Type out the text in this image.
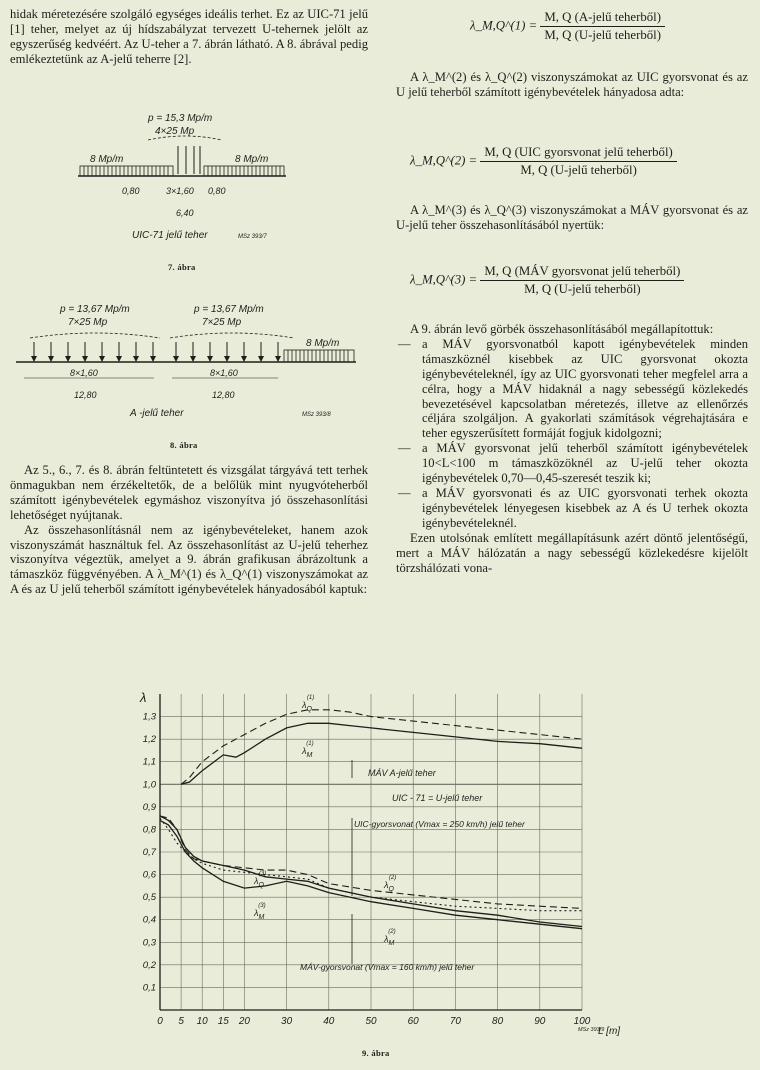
hidak méretezésére szolgáló egységes ideális terhet. Ez az UIC-71 jelű [1] teher, melyet az új hídszabályzat tervezett U-tehernek jelölt az egyszerűség kedvéért. Az U-teher a 7. ábrán látható. A 8. ábrával pedig emlékeztetünk az A-jelű teherre [2].

p = 15,3 Mp/m
4×25 Mp
8 Mp/m	8 Mp/m
0,80	3×1,60 0,80
6,40
UIC-71 jelű teher	MSz 393/7
7. ábra
p = 13,67 Mp/m
7×25 Mp
p = 13,67 Mp/m
7×25 Mp
8 Mp/m
8×1,60	8×1,60
12,80	12,80
A -jelű teher	MSz 393/8
8. ábra

Az 5., 6., 7. és 8. ábrán feltüntetett és vizsgálat tárgyává tett terhek önmagukban nem érzékeltetők, de a belőlük mint nyugvóteherből számított igénybevételek egymáshoz viszonyítva jó összehasonlítási lehetőséget nyújtanak.

Az összehasonlításnál nem az igénybevételeket, hanem azok viszonyszámát használtuk fel. Az összehasonlítást az U-jelű teherhez viszonyítva végeztük, amelyet a 9. ábrán grafikusan ábrázoltunk a támaszköz függvényében. A λ_M^(1) és λ_Q^(1) viszonyszámokat az A és az U jelű teherből számított igénybevételek hányadosából kaptuk:

λ_M,Q^(1) = $\frac{\text{M, Q (A-jelű teherből)}}{\text{M, Q (U-jelű teherből)}}$

A λ_M^(2) és λ_Q^(2) viszonyszámokat az UIC gyorsvonat és az U jelű teherből számított igénybevételek hányadosa adta:

λ_M,Q^(2) = $\frac{\text{M, Q (UIC gyorsvonat jelű teherből)}}{\text{M, Q (U-jelű teherből)}}$

A λ_M^(3) és λ_Q^(3) viszonyszámokat a MÁV gyorsvonat és az U-jelű teher összehasonlításából nyertük:

λ_M,Q^(3) = $\frac{\text{M, Q (MÁV gyorsvonat jelű teherből)}}{\text{M, Q (U-jelű teherből)}}$

A 9. ábrán levő görbék összehasonlításából megállapítottuk:

— a MÁV gyorsvonatból kapott igénybevételek minden támaszköznél kisebbek az UIC gyorsvonat okozta igénybevételeknél, így az UIC gyorsvonati teher megfelel arra a célra, hogy a MÁV hidaknál a nagy sebességű közlekedés bevezetésével kapcsolatban méretezés, illetve az ellenőrzés céljára szolgáljon. A gyakorlati számítások végrehajtására e teher egyszerűsített formáját fogjuk kidolgozni;
— a MÁV gyorsvonat jelű teherből számított igénybevételek 10<L<100 m támaszközöknél az U-jelű teher okozta igénybevételek 0,70—0,45-szeresét teszik ki;
— a MÁV gyorsvonati és az UIC gyorsvonati terhek okozta igénybevételek lényegesen kisebbek az A és U terhek okozta igénybevételeknél.

Ezen utolsónak említett megállapításunk azért döntő jelentőségű, mert a MÁV hálózatán a nagy sebességű közlekedésre kijelölt törzshálózati vona-

0 5 10 15 20	30	40	50	60	70	80	90	100
0,1
0,2
0,3
0,4
0,5
0,6
0,7
0,8
0,9
1,0
1,1
1,2
1,3
λ
L [m]
MÁV A-jelű teher
UIC - 71 = U-jelű teher
UIC-gyorsvonat (Vmax = 250 km/h) jelű teher
MÁV-gyorsvonat (Vmax = 160 km/h) jelű teher
$\lambda_Q(1)$
$\lambda_M(1)$
$\lambda_Q(3)$
$\lambda_M(3)$
$\lambda_Q(2)$
$\lambda_M(2)$
MSz 393/9
9. ábra
